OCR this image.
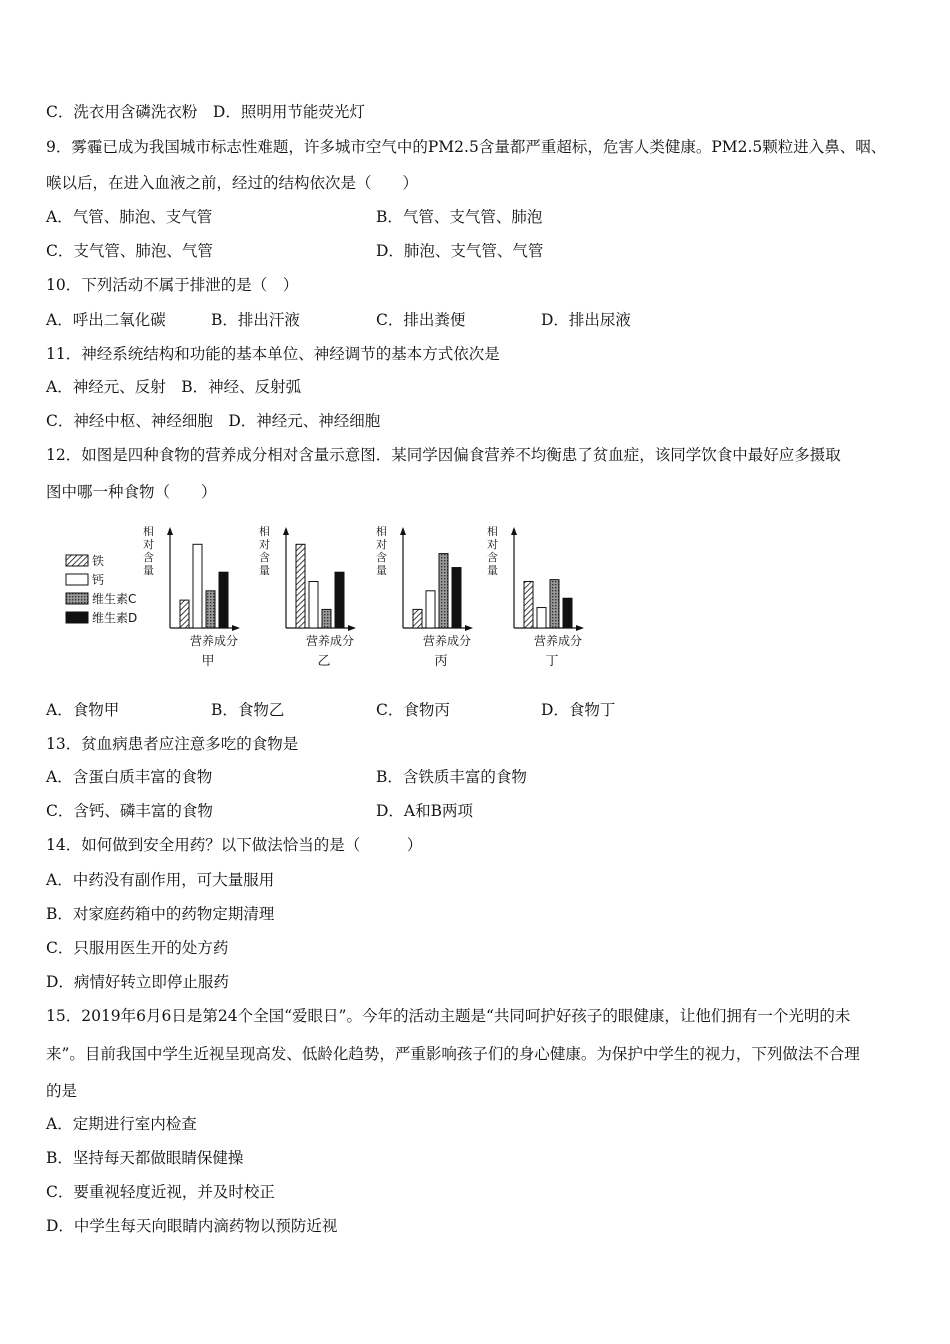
C．洗衣用含磷洗衣粉　 D．照明用节能荧光灯
9．雾霾已成为我国城市标志性难题，许多城市空气中的PM2.5含量都严重超标，危害人类健康。PM2.5颗粒进入鼻、咽、
喉以后，在进入血液之前，经过的结构依次是（　　）
A．气管、肺泡、支气管	B．气管、支气管、肺泡
C．支气管、肺泡、气管	D．肺泡、支气管、气管
10．下列活动不属于排泄的是（　）
A．呼出二氧化碳	B．排出汗液	C．排出粪便	D．排出尿液
11．神经系统结构和功能的基本单位、神经调节的基本方式依次是
A．神经元、反射　B．神经、反射弧
C．神经中枢、神经细胞　D．神经元、神经细胞
12．如图是四种食物的营养成分相对含量示意图．某同学因偏食营养不均衡患了贫血症，该同学饮食中最好应多摄取
图中哪一种食物（　　）
铁
钙
维生素C
维生素D
相
对
含
量
营养成分
甲
相
对
含
量
营养成分
乙
相
对
含
量
营养成分
丙
相
对
含
量
营养成分
丁
A．食物甲	B．食物乙	C．食物丙	D．食物丁
13．贫血病患者应注意多吃的食物是
A．含蛋白质丰富的食物	B．含铁质丰富的食物
C．含钙、磷丰富的食物	D．A和B两项
14．如何做到安全用药？以下做法恰当的是（　　　）
A．中药没有副作用，可大量服用
B．对家庭药箱中的药物定期清理
C．只服用医生开的处方药
D．病情好转立即停止服药
15．2019年6月6日是第24个全国“爱眼日”。今年的活动主题是“共同呵护好孩子的眼健康，让他们拥有一个光明的未
来”。目前我国中学生近视呈现高发、低龄化趋势，严重影响孩子们的身心健康。为保护中学生的视力，下列做法不合理
的是
A．定期进行室内检查
B．坚持每天都做眼睛保健操
C．要重视轻度近视，并及时校正
D．中学生每天向眼睛内滴药物以预防近视
